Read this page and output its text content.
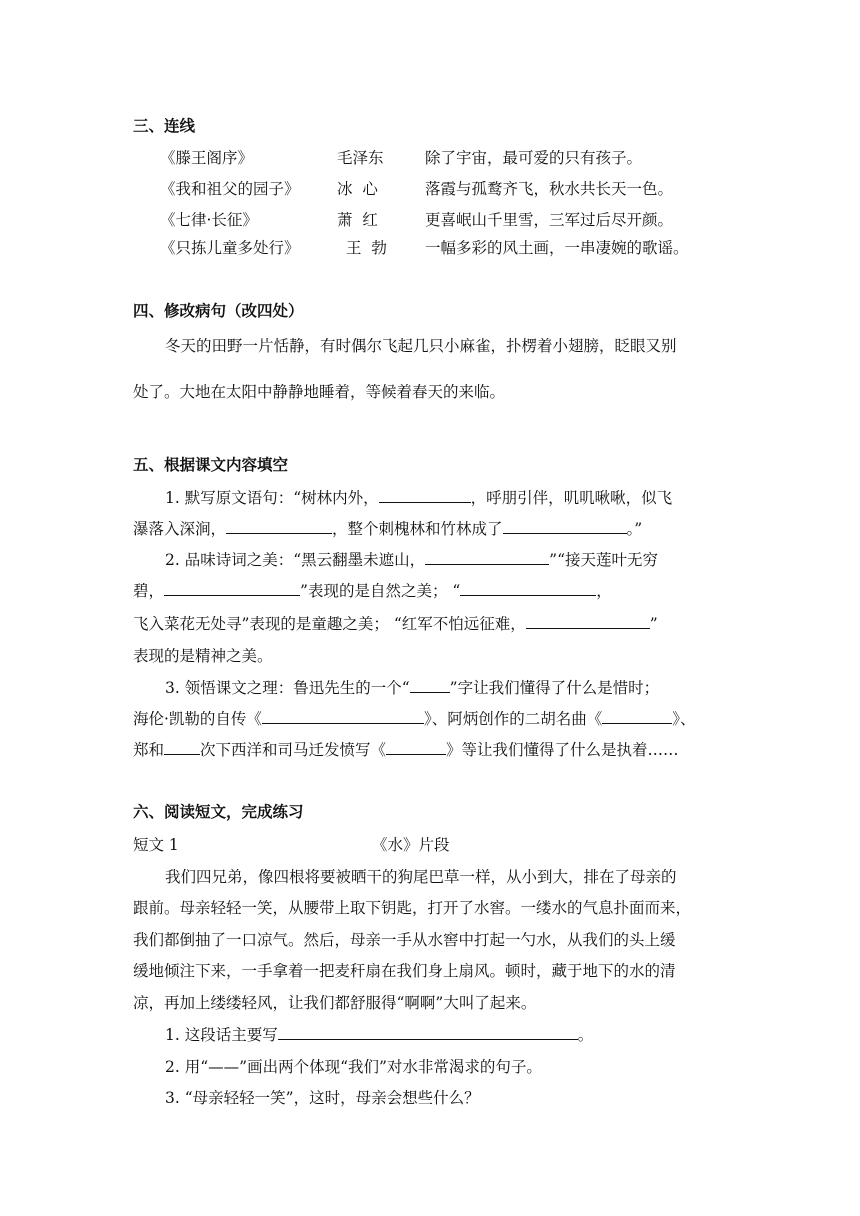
三、连线
《滕王阁序》	毛泽东	除了宇宙，最可爱的只有孩子。
《我和祖父的园子》 冰  心	落霞与孤鹜齐飞，秋水共长天一色。
《七律·长征》	萧  红	更喜岷山千里雪，三军过后尽开颜。
《只拣儿童多处行》	王  勃 一幅多彩的风土画，一串凄婉的歌谣。
四、修改病句（改四处）
冬天的田野一片恬静，有时偶尔飞起几只小麻雀，扑楞着小翅膀，眨眼又别
处了。大地在太阳中静静地睡着，等候着春天的来临。
五、根据课文内容填空
1. 默写原文语句：“树林内外，	，呼朋引伴，叽叽啾啾，似飞
瀑落入深涧，	，整个刺槐林和竹林成了	。”
2. 品味诗词之美：“黑云翻墨未遮山，	”“接天莲叶无穷
碧，	”表现的是自然之美； “	，
飞入菜花无处寻”表现的是童趣之美； “红军不怕远征难，	”
表现的是精神之美。
3. 领悟课文之理：鲁迅先生的一个“	”字让我们懂得了什么是惜时；
海伦·凯勒的自传《	》、阿炳创作的二胡名曲《	》、
郑和 次下西洋和司马迁发愤写《	》等让我们懂得了什么是执着……
六、阅读短文，完成练习
短文 1	《水》片段
我们四兄弟，像四根将要被晒干的狗尾巴草一样，从小到大，排在了母亲的
跟前。母亲轻轻一笑，从腰带上取下钥匙，打开了水窖。一缕水的气息扑面而来，
我们都倒抽了一口凉气。然后，母亲一手从水窖中打起一勺水，从我们的头上缓
缓地倾注下来，一手拿着一把麦秆扇在我们身上扇风。顿时，藏于地下的水的清
凉，再加上缕缕轻风，让我们都舒服得“啊啊”大叫了起来。
1. 这段话主要写	。
2. 用“——”画出两个体现“我们”对水非常渴求的句子。
3. “母亲轻轻一笑”，这时，母亲会想些什么？
